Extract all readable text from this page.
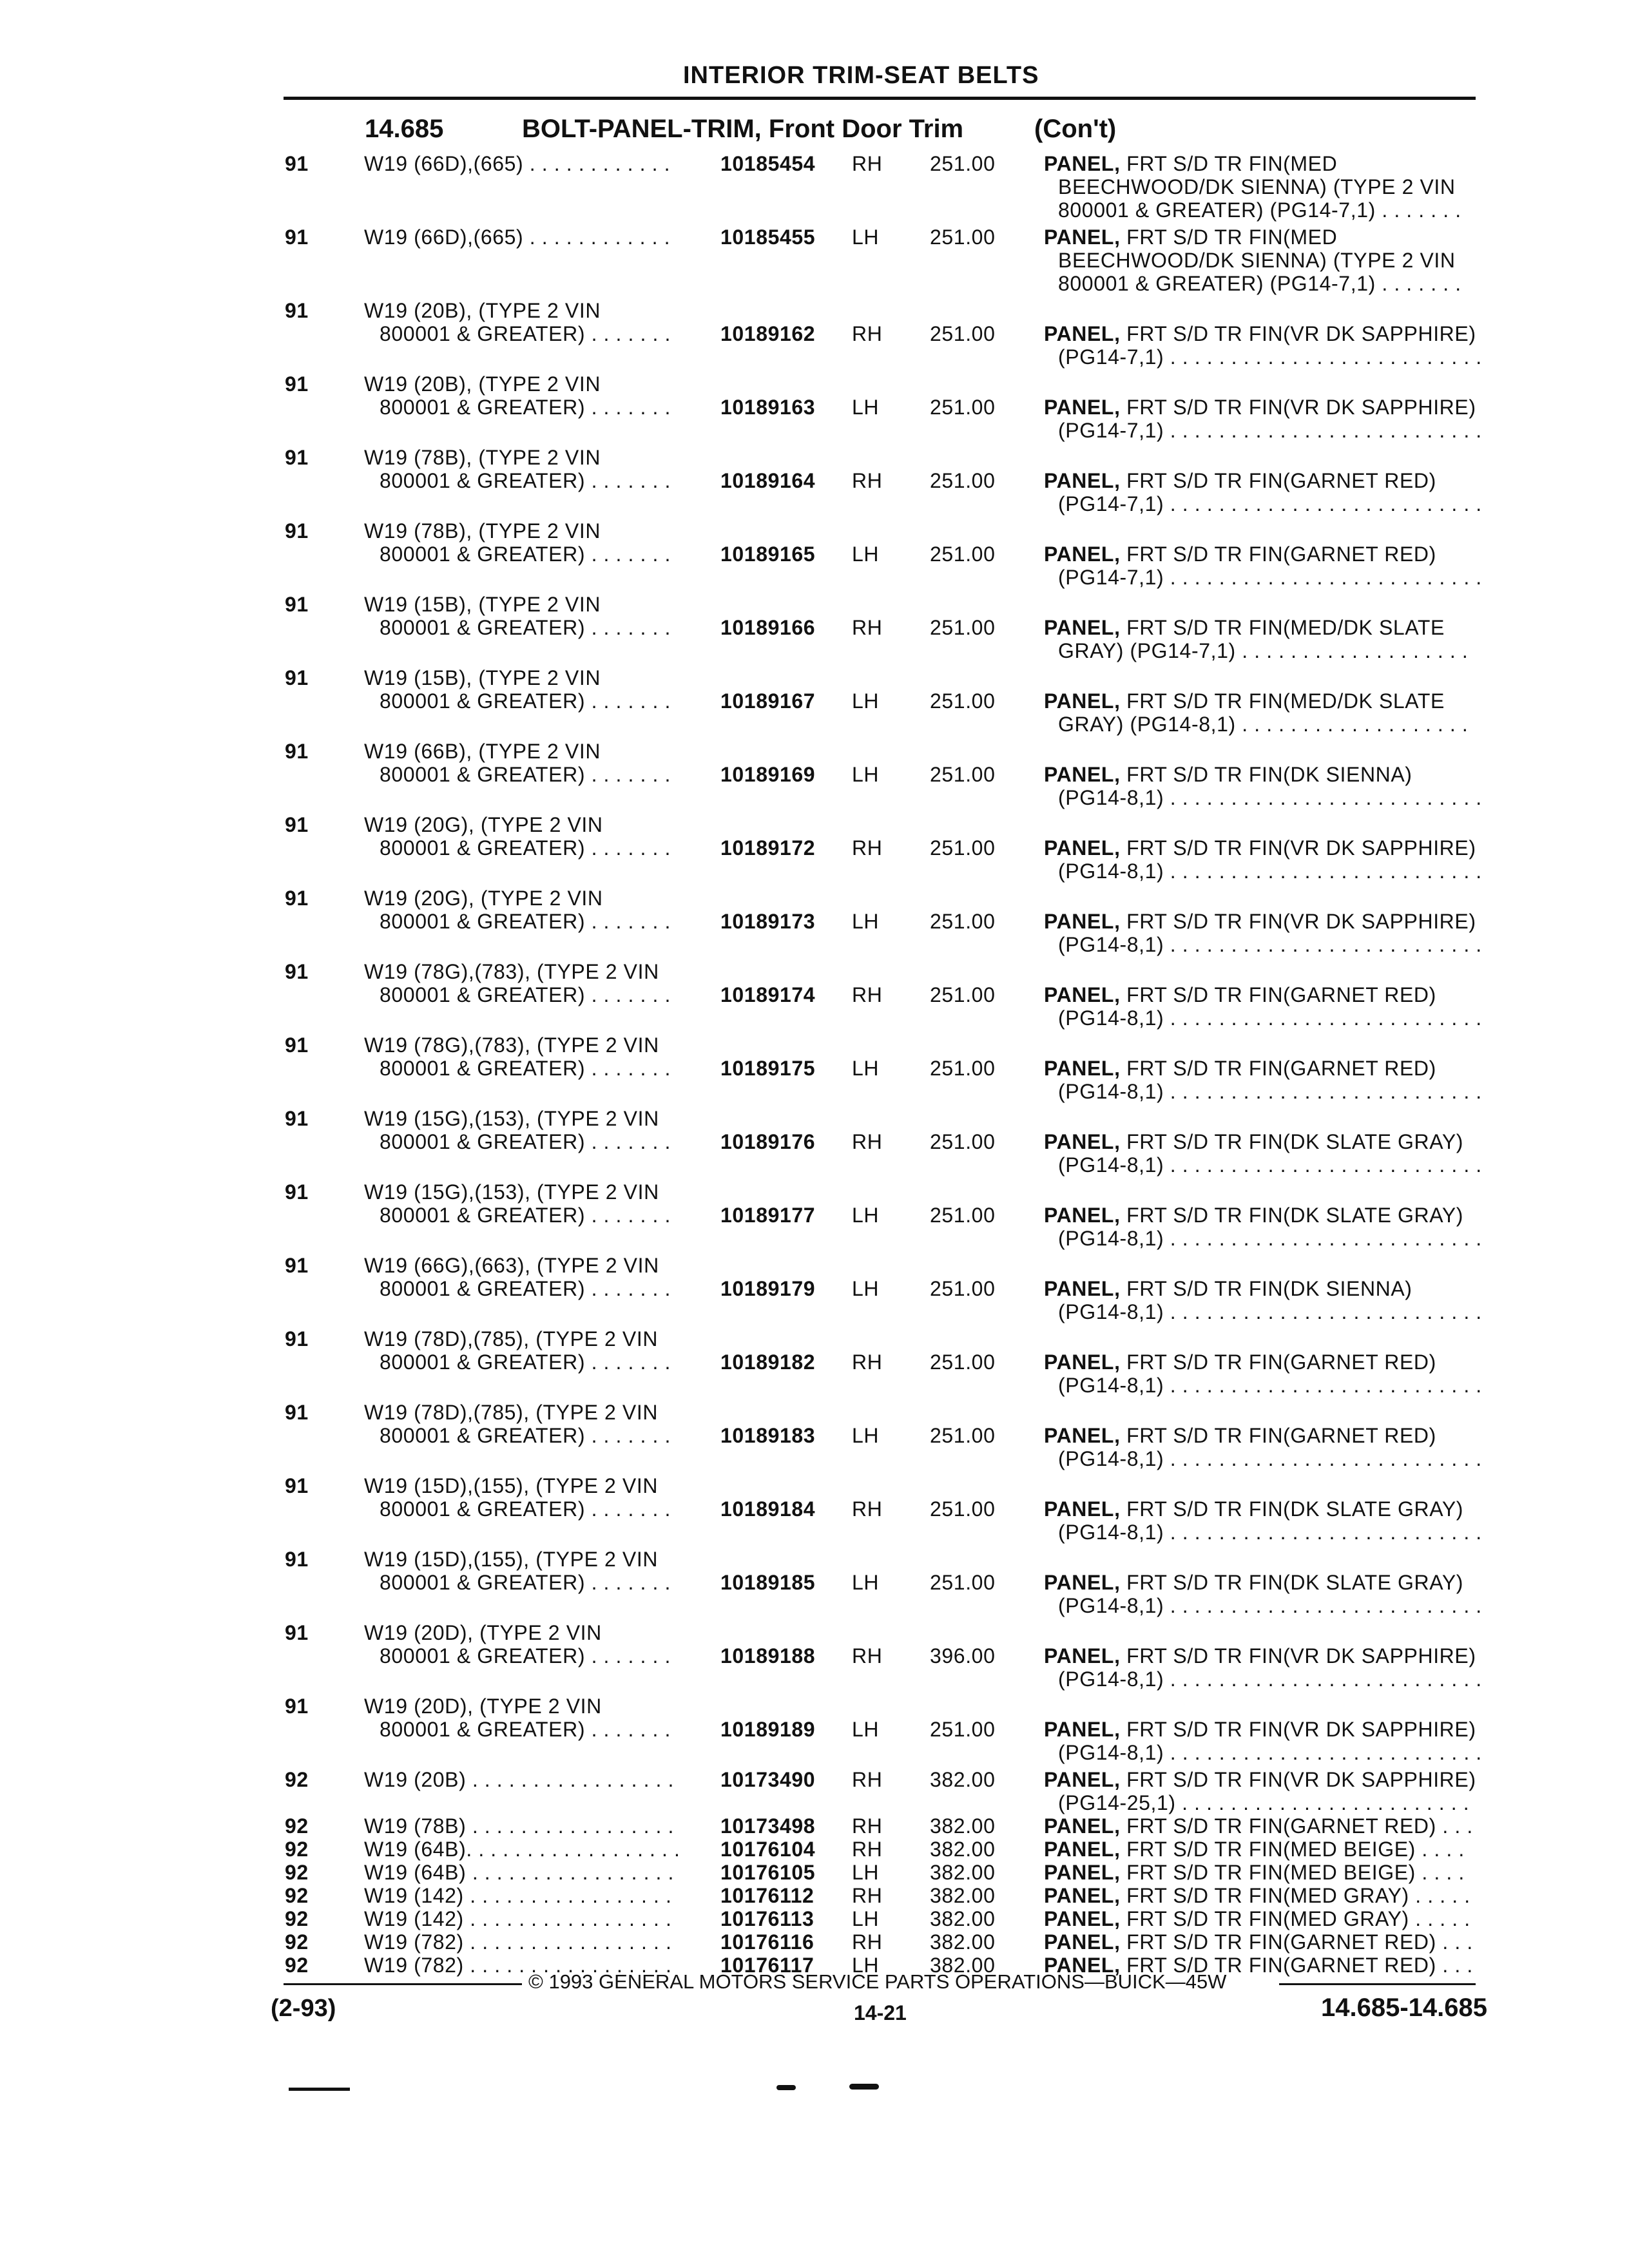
INTERIOR TRIM-SEAT BELTS
14.685	BOLT-PANEL-TRIM, Front Door Trim	(Con't)
91	W19 (66D),(665) . . . . . . . . . . . . 10185454 RH 251.00 PANEL, FRT S/D TR FIN(MED
BEECHWOOD/DK SIENNA) (TYPE 2 VIN
800001 & GREATER) (PG14-7,1) . . . . . . .
91	W19 (66D),(665) . . . . . . . . . . . . 10185455 LH 251.00 PANEL, FRT S/D TR FIN(MED
BEECHWOOD/DK SIENNA) (TYPE 2 VIN
800001 & GREATER) (PG14-7,1) . . . . . . .
91	W19 (20B), (TYPE 2 VIN
800001 & GREATER) . . . . . . . 10189162 RH 251.00 PANEL, FRT S/D TR FIN(VR DK SAPPHIRE)
(PG14-7,1) . . . . . . . . . . . . . . . . . . . . . . . . . .
91	W19 (20B), (TYPE 2 VIN
800001 & GREATER) . . . . . . . 10189163 LH 251.00 PANEL, FRT S/D TR FIN(VR DK SAPPHIRE)
(PG14-7,1) . . . . . . . . . . . . . . . . . . . . . . . . . .
91	W19 (78B), (TYPE 2 VIN
800001 & GREATER) . . . . . . . 10189164 RH 251.00 PANEL, FRT S/D TR FIN(GARNET RED)
(PG14-7,1) . . . . . . . . . . . . . . . . . . . . . . . . . .
91	W19 (78B), (TYPE 2 VIN
800001 & GREATER) . . . . . . . 10189165 LH 251.00 PANEL, FRT S/D TR FIN(GARNET RED)
(PG14-7,1) . . . . . . . . . . . . . . . . . . . . . . . . . .
91	W19 (15B), (TYPE 2 VIN
800001 & GREATER) . . . . . . . 10189166 RH 251.00 PANEL, FRT S/D TR FIN(MED/DK SLATE
GRAY) (PG14-7,1) . . . . . . . . . . . . . . . . . . .
91	W19 (15B), (TYPE 2 VIN
800001 & GREATER) . . . . . . . 10189167 LH 251.00 PANEL, FRT S/D TR FIN(MED/DK SLATE
GRAY) (PG14-8,1) . . . . . . . . . . . . . . . . . . .
91	W19 (66B), (TYPE 2 VIN
800001 & GREATER) . . . . . . . 10189169 LH 251.00 PANEL, FRT S/D TR FIN(DK SIENNA)
(PG14-8,1) . . . . . . . . . . . . . . . . . . . . . . . . . .
91	W19 (20G), (TYPE 2 VIN
800001 & GREATER) . . . . . . . 10189172 RH 251.00 PANEL, FRT S/D TR FIN(VR DK SAPPHIRE)
(PG14-8,1) . . . . . . . . . . . . . . . . . . . . . . . . . .
91	W19 (20G), (TYPE 2 VIN
800001 & GREATER) . . . . . . . 10189173 LH 251.00 PANEL, FRT S/D TR FIN(VR DK SAPPHIRE)
(PG14-8,1) . . . . . . . . . . . . . . . . . . . . . . . . . .
91	W19 (78G),(783), (TYPE 2 VIN
800001 & GREATER) . . . . . . . 10189174 RH 251.00 PANEL, FRT S/D TR FIN(GARNET RED)
(PG14-8,1) . . . . . . . . . . . . . . . . . . . . . . . . . .
91	W19 (78G),(783), (TYPE 2 VIN
800001 & GREATER) . . . . . . . 10189175 LH 251.00 PANEL, FRT S/D TR FIN(GARNET RED)
(PG14-8,1) . . . . . . . . . . . . . . . . . . . . . . . . . .
91	W19 (15G),(153), (TYPE 2 VIN
800001 & GREATER) . . . . . . . 10189176 RH 251.00 PANEL, FRT S/D TR FIN(DK SLATE GRAY)
(PG14-8,1) . . . . . . . . . . . . . . . . . . . . . . . . . .
91	W19 (15G),(153), (TYPE 2 VIN
800001 & GREATER) . . . . . . . 10189177 LH 251.00 PANEL, FRT S/D TR FIN(DK SLATE GRAY)
(PG14-8,1) . . . . . . . . . . . . . . . . . . . . . . . . . .
91	W19 (66G),(663), (TYPE 2 VIN
800001 & GREATER) . . . . . . . 10189179 LH 251.00 PANEL, FRT S/D TR FIN(DK SIENNA)
(PG14-8,1) . . . . . . . . . . . . . . . . . . . . . . . . . .
91	W19 (78D),(785), (TYPE 2 VIN
800001 & GREATER) . . . . . . . 10189182 RH 251.00 PANEL, FRT S/D TR FIN(GARNET RED)
(PG14-8,1) . . . . . . . . . . . . . . . . . . . . . . . . . .
91	W19 (78D),(785), (TYPE 2 VIN
800001 & GREATER) . . . . . . . 10189183 LH 251.00 PANEL, FRT S/D TR FIN(GARNET RED)
(PG14-8,1) . . . . . . . . . . . . . . . . . . . . . . . . . .
91	W19 (15D),(155), (TYPE 2 VIN
800001 & GREATER) . . . . . . . 10189184 RH 251.00 PANEL, FRT S/D TR FIN(DK SLATE GRAY)
(PG14-8,1) . . . . . . . . . . . . . . . . . . . . . . . . . .
91	W19 (15D),(155), (TYPE 2 VIN
800001 & GREATER) . . . . . . . 10189185 LH 251.00 PANEL, FRT S/D TR FIN(DK SLATE GRAY)
(PG14-8,1) . . . . . . . . . . . . . . . . . . . . . . . . . .
91	W19 (20D), (TYPE 2 VIN
800001 & GREATER) . . . . . . . 10189188 RH 396.00 PANEL, FRT S/D TR FIN(VR DK SAPPHIRE)
(PG14-8,1) . . . . . . . . . . . . . . . . . . . . . . . . . .
91	W19 (20D), (TYPE 2 VIN
800001 & GREATER) . . . . . . . 10189189 LH 251.00 PANEL, FRT S/D TR FIN(VR DK SAPPHIRE)
(PG14-8,1) . . . . . . . . . . . . . . . . . . . . . . . . . .
92	W19 (20B) . . . . . . . . . . . . . . . . . 10173490 RH 382.00 PANEL, FRT S/D TR FIN(VR DK SAPPHIRE)
(PG14-25,1) . . . . . . . . . . . . . . . . . . . . . . . .
92	W19 (78B) . . . . . . . . . . . . . . . . . 10173498 RH 382.00 PANEL, FRT S/D TR FIN(GARNET RED) . . .
92	W19 (64B). . . . . . . . . . . . . . . . . . 10176104 RH 382.00 PANEL, FRT S/D TR FIN(MED BEIGE) . . . .
92	W19 (64B) . . . . . . . . . . . . . . . . . 10176105 LH 382.00 PANEL, FRT S/D TR FIN(MED BEIGE) . . . .
92	W19 (142) . . . . . . . . . . . . . . . . . 10176112 RH 382.00 PANEL, FRT S/D TR FIN(MED GRAY) . . . . .
92	W19 (142) . . . . . . . . . . . . . . . . . 10176113 LH 382.00 PANEL, FRT S/D TR FIN(MED GRAY) . . . . .
92	W19 (782) . . . . . . . . . . . . . . . . . 10176116 RH 382.00 PANEL, FRT S/D TR FIN(GARNET RED) . . .
92	W19 (782) . . . . . . . . . . . . . . . . . 10176117 LH 382.00 PANEL, FRT S/D TR FIN(GARNET RED) . . .
© 1993 GENERAL MOTORS SERVICE PARTS OPERATIONS—BUICK—45W
(2-93)	14-21	14.685-14.685
